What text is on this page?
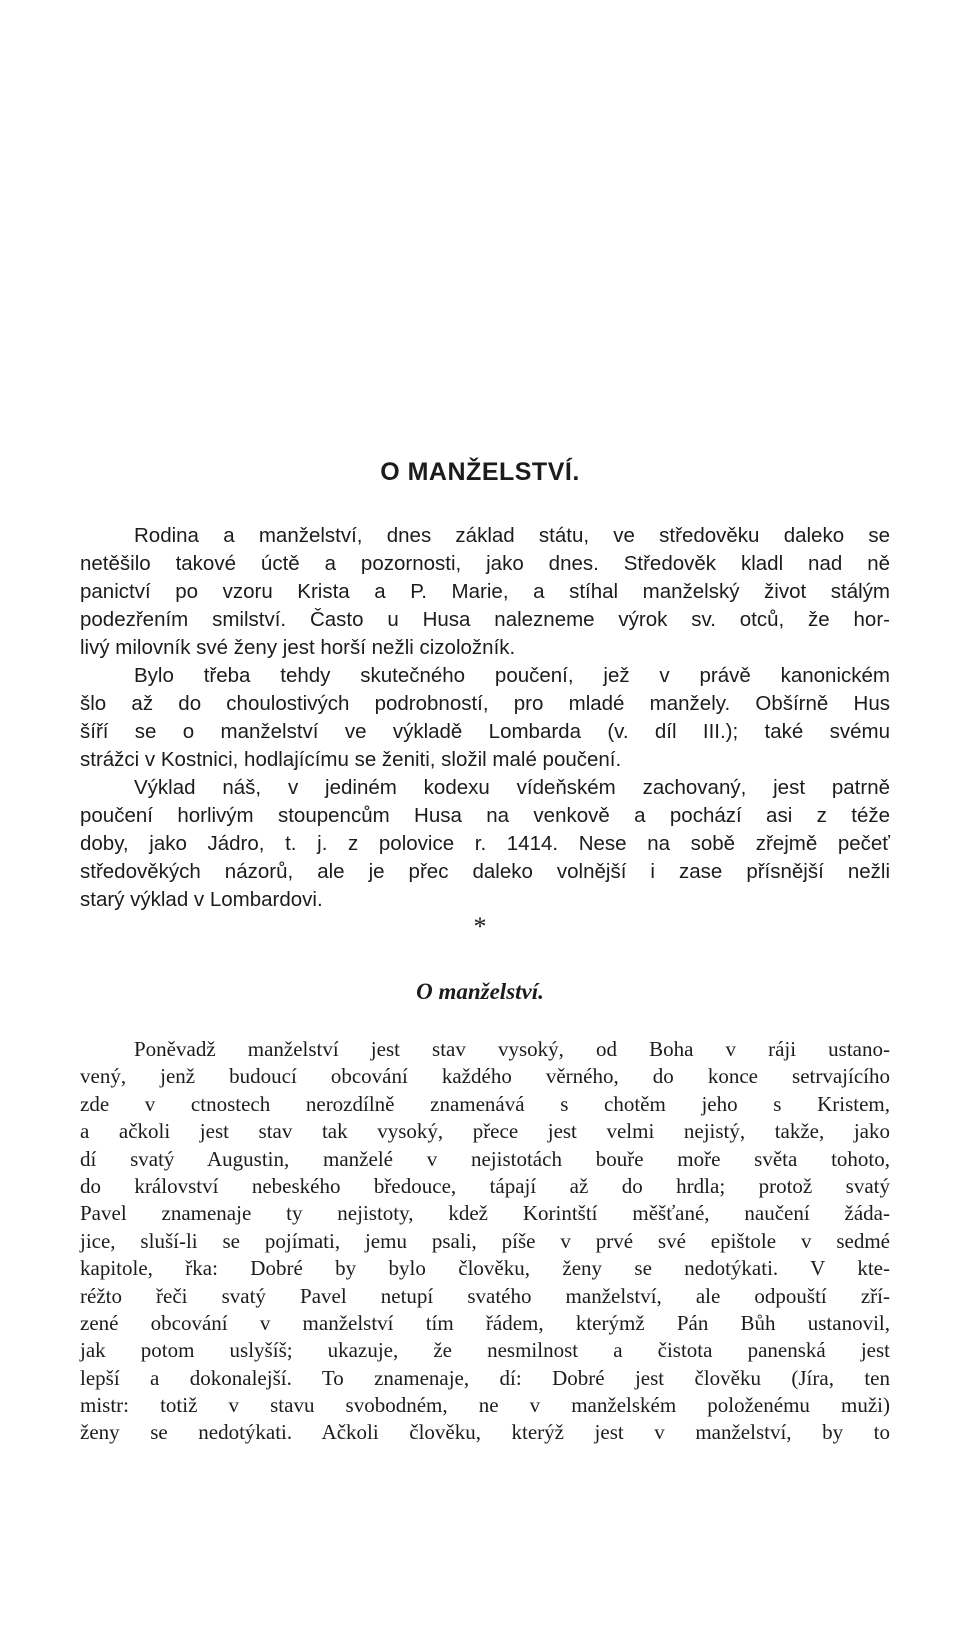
O MANŽELSTVÍ.
Rodina a manželství, dnes základ státu, ve středověku daleko se
netěšilo takové úctě a pozornosti, jako dnes. Středověk kladl nad ně
panictví po vzoru Krista a P. Marie, a stíhal manželský život stálým
podezřením smilství. Často u Husa nalezneme výrok sv. otců, že hor-
livý milovník své ženy jest horší nežli cizoložník.
Bylo třeba tehdy skutečného poučení, jež v právě kanonickém
šlo až do choulostivých podrobností, pro mladé manžely. Obšírně Hus
šíří se o manželství ve výkladě Lombarda (v. díl III.); také svému
strážci v Kostnici, hodlajícímu se ženiti, složil malé poučení.
Výklad náš, v jediném kodexu vídeňském zachovaný, jest patrně
poučení horlivým stoupencům Husa na venkově a pochází asi z téže
doby, jako Jádro, t. j. z polovice r. 1414. Nese na sobě zřejmě pečeť
středověkých názorů, ale je přec daleko volnější i zase přísnější nežli
starý výklad v Lombardovi.
*
O manželství.
Poněvadž manželství jest stav vysoký, od Boha v ráji ustano-
vený, jenž budoucí obcování každého věrného, do konce setrvajícího
zde v ctnostech nerozdílně znamenává s chotěm jeho s Kristem,
a ačkoli jest stav tak vysoký, přece jest velmi nejistý, takže, jako
dí svatý Augustin, manželé v nejistotách bouře moře světa tohoto,
do království nebeského bředouce, tápají až do hrdla; protož svatý
Pavel znamenaje ty nejistoty, kdež Korintští měšťané, naučení žáda-
jice, sluší-li se pojímati, jemu psali, píše v prvé své epištole v sedmé
kapitole, řka: Dobré by bylo člověku, ženy se nedotýkati. V kte-
réžto řeči svatý Pavel netupí svatého manželství, ale odpouští zří-
zené obcování v manželství tím řádem, kterýmž Pán Bůh ustanovil,
jak potom uslyšíš; ukazuje, že nesmilnost a čistota panenská jest
lepší a dokonalejší. To znamenaje, dí: Dobré jest člověku (Jíra, ten
mistr: totiž v stavu svobodném, ne v manželském položenému muži)
ženy se nedotýkati. Ačkoli člověku, kterýž jest v manželství, by to
